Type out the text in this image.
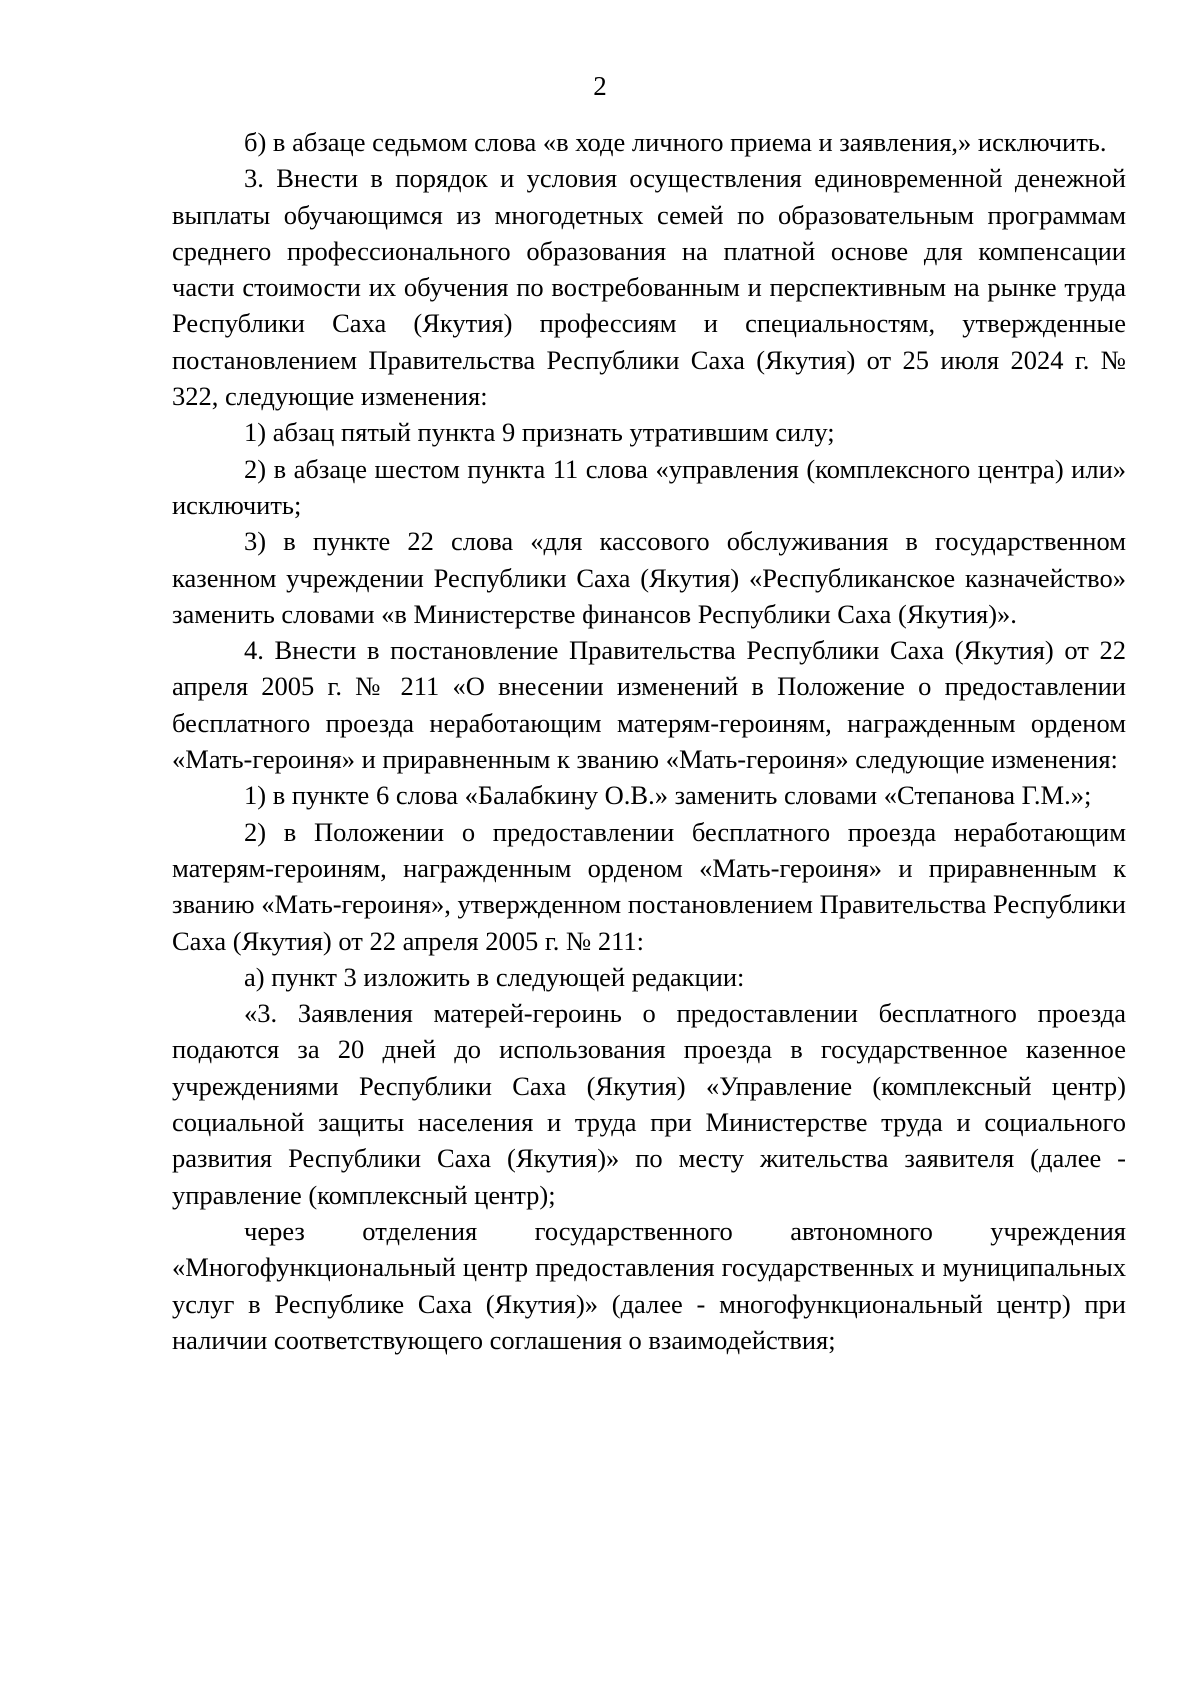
2

б) в абзаце седьмом слова «в ходе личного приема и заявления,» исключить.

3. Внести в порядок и условия осуществления единовременной денежной выплаты обучающимся из многодетных семей по образовательным программам среднего профессионального образования на платной основе для компенсации части стоимости их обучения по востребованным и перспективным на рынке труда Республики Саха (Якутия) профессиям и специальностям, утвержденные постановлением Правительства Республики Саха (Якутия) от 25 июля 2024 г. № 322, следующие изменения:

1) абзац пятый пункта 9 признать утратившим силу;

2) в абзаце шестом пункта 11 слова «управления (комплексного центра) или» исключить;

3) в пункте 22 слова «для кассового обслуживания в государственном казенном учреждении Республики Саха (Якутия) «Республиканское казначейство» заменить словами «в Министерстве финансов Республики Саха (Якутия)».

4. Внести в постановление Правительства Республики Саха (Якутия) от 22 апреля 2005 г. № 211 «О внесении изменений в Положение о предоставлении бесплатного проезда неработающим матерям-героиням, награжденным орденом «Мать-героиня» и приравненным к званию «Мать-героиня» следующие изменения:

1) в пункте 6 слова «Балабкину О.В.» заменить словами «Степанова Г.М.»;

2) в Положении о предоставлении бесплатного проезда неработающим матерям-героиням, награжденным орденом «Мать-героиня» и приравненным к званию «Мать-героиня», утвержденном постановлением Правительства Республики Саха (Якутия) от 22 апреля 2005 г. № 211:

а) пункт 3 изложить в следующей редакции:

«3. Заявления матерей-героинь о предоставлении бесплатного проезда подаются за 20 дней до использования проезда в государственное казенное учреждениями Республики Саха (Якутия) «Управление (комплексный центр) социальной защиты населения и труда при Министерстве труда и социального развития Республики Саха (Якутия)» по месту жительства заявителя (далее - управление (комплексный центр);

через отделения государственного автономного учреждения «Многофункциональный центр предоставления государственных и муниципальных услуг в Республике Саха (Якутия)» (далее - многофункциональный центр) при наличии соответствующего соглашения о взаимодействия;
